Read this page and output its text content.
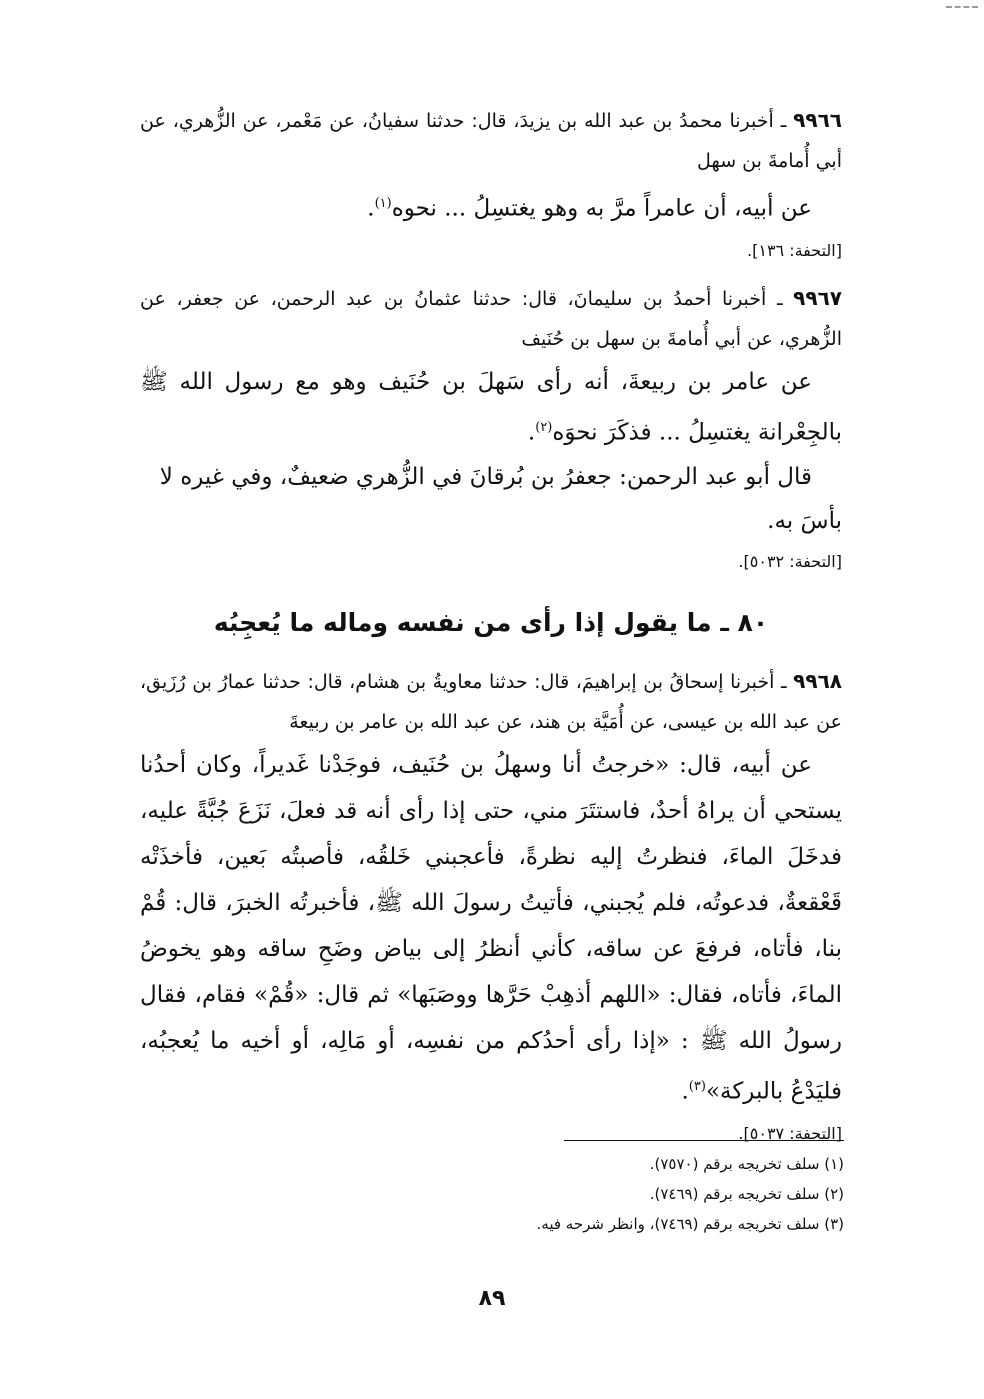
٩٩٦٦ ـ أخبرنا محمدُ بن عبد الله بن يزيدَ، قال: حدثنا سفيانُ، عن مَعْمر، عن الزُّهري، عن أبي أُمامةَ بن سهل

عن أبيه، أن عامراً مرَّ به وهو يغتسِلُ ... نحوه$^{(١)}$.

[التحفة: ١٣٦].

٩٩٦٧ ـ أخبرنا أحمدُ بن سليمانَ، قال: حدثنا عثمانُ بن عبد الرحمن، عن جعفر، عن الزُّهري، عن أبي أُمامةَ بن سهل بن حُنَيف

عن عامر بن ربيعةَ، أنه رأى سَهلَ بن حُنَيف وهو مع رسول الله ﷺ بالجِعْرانة يغتسِلُ ... فذكَرَ نحوَه$^{(٢)}$.

قال أبو عبد الرحمن: جعفرُ بن بُرقانَ في الزُّهري ضعيفٌ، وفي غيره لا بأسَ به.

[التحفة: ٥٠٣٢].
٨٠ ـ ما يقول إذا رأى من نفسه وماله ما يُعجِبُه

٩٩٦٨ ـ أخبرنا إسحاقُ بن إبراهيمَ، قال: حدثنا معاويةُ بن هشام، قال: حدثنا عمارُ بن رُزَيق، عن عبد الله بن عيسى، عن أُمَيَّة بن هند، عن عبد الله بن عامر بن ربيعةَ

عن أبيه، قال: «خرجتُ أنا وسهلُ بن حُنَيف، فوجَدْنا غَديراً، وكان أحدُنا يستحي أن يراهُ أحدٌ، فاستتَرَ مني، حتى إذا رأى أنه قد فعلَ، نَزَعَ جُبَّةً عليه، فدخَلَ الماءَ، فنظرتُ إليه نظرةً، فأعجبني خَلقُه، فأصبتُه بَعين، فأخذَتْه قَعْقعةٌ، فدعوتُه، فلم يُجبني، فأتيتُ رسولَ الله ﷺ، فأخبرتُه الخبرَ، قال: قُمْ بنا، فأتاه، فرفعَ عن ساقه، كأني أنظرُ إلى بياض وضَحِ ساقه وهو يخوضُ الماءَ، فأتاه، فقال: «اللهم أذهِبْ حَرَّها ووصَبَها» ثم قال: «قُمْ» فقام، فقال رسولُ الله ﷺ : «إذا رأى أحدُكم من نفسِه، أو مَالِه، أو أخيه ما يُعجبُه، فليَدْعُ بالبركة»$^{(٣)}$.

[التحفة: ٥٠٣٧].
(١) سلف تخريجه برقم (٧٥٧٠).
(٢) سلف تخريجه برقم (٧٤٦٩).
(٣) سلف تخريجه برقم (٧٤٦٩)، وانظر شرحه فيه.
٨٩
